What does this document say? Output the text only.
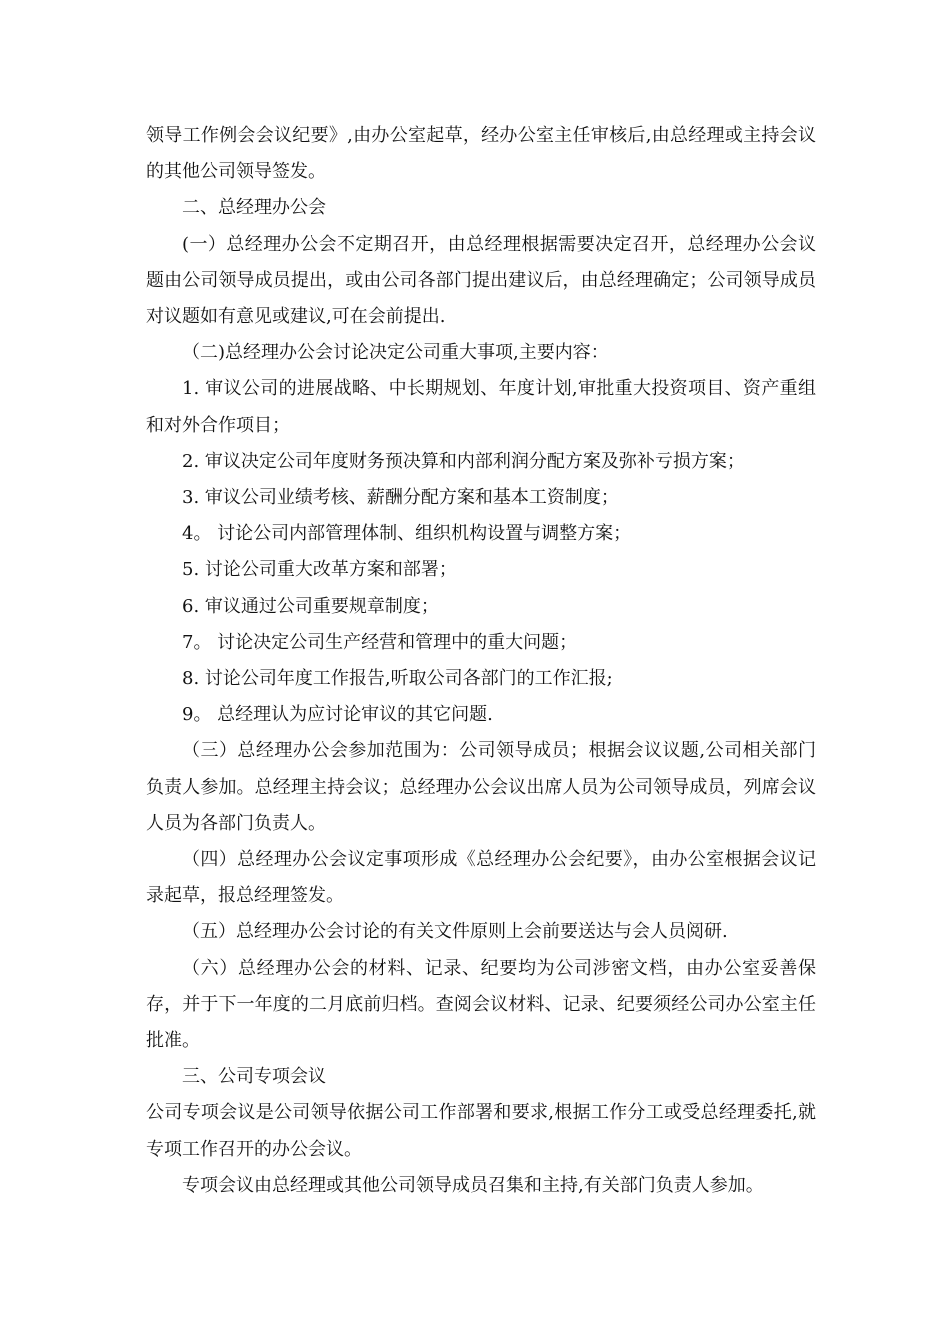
领导工作例会会议纪要》,由办公室起草，经办公室主任审核后,由总经理或主持会议的其他公司领导签发。

二、总经理办公会

(一）总经理办公会不定期召开，由总经理根据需要决定召开，总经理办公会议题由公司领导成员提出，或由公司各部门提出建议后，由总经理确定；公司领导成员对议题如有意见或建议,可在会前提出.

（二)总经理办公会讨论决定公司重大事项,主要内容：

1. 审议公司的进展战略、中长期规划、年度计划,审批重大投资项目、资产重组和对外合作项目；

2. 审议决定公司年度财务预决算和内部利润分配方案及弥补亏损方案；

3. 审议公司业绩考核、薪酬分配方案和基本工资制度；

4。 讨论公司内部管理体制、组织机构设置与调整方案；

5. 讨论公司重大改革方案和部署；

6. 审议通过公司重要规章制度；

7。 讨论决定公司生产经营和管理中的重大问题；

8. 讨论公司年度工作报告,听取公司各部门的工作汇报;

9。 总经理认为应讨论审议的其它问题.

（三）总经理办公会参加范围为：公司领导成员；根据会议议题,公司相关部门负责人参加。总经理主持会议；总经理办公会议出席人员为公司领导成员，列席会议人员为各部门负责人。

（四）总经理办公会议定事项形成《总经理办公会纪要》，由办公室根据会议记录起草，报总经理签发。

（五）总经理办公会讨论的有关文件原则上会前要送达与会人员阅研.

（六）总经理办公会的材料、记录、纪要均为公司涉密文档，由办公室妥善保存，并于下一年度的二月底前归档。查阅会议材料、记录、纪要须经公司办公室主任批准。

三、公司专项会议

公司专项会议是公司领导依据公司工作部署和要求,根据工作分工或受总经理委托,就专项工作召开的办公会议。

专项会议由总经理或其他公司领导成员召集和主持,有关部门负责人参加。
